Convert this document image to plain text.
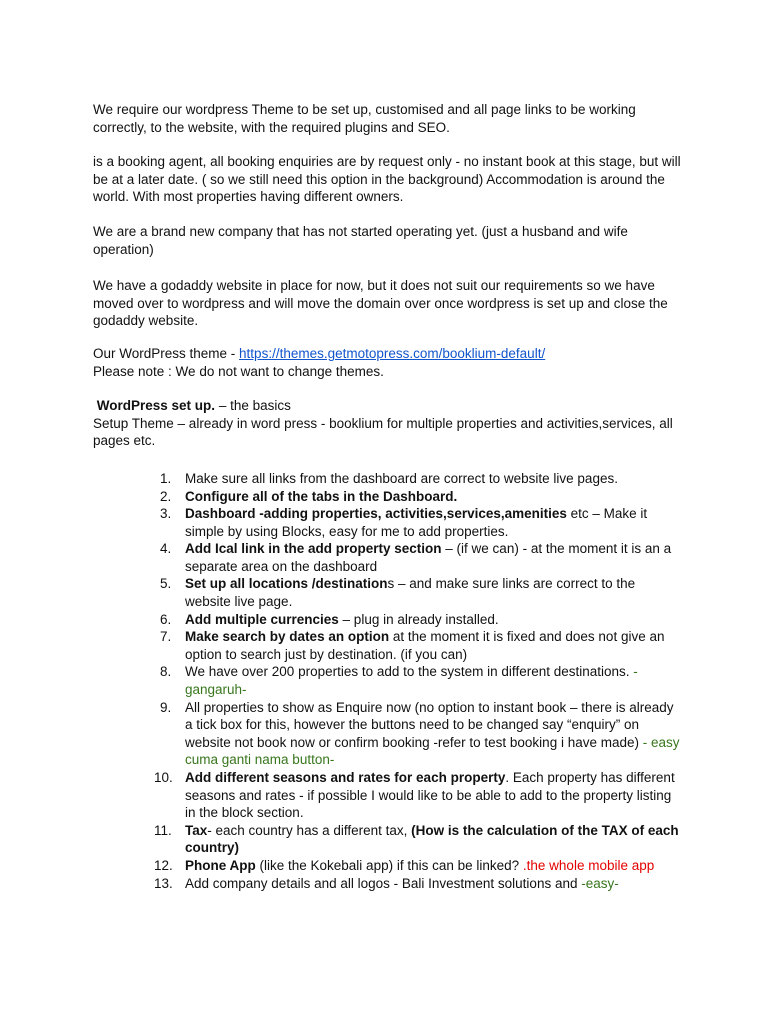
We require our wordpress Theme to be set up, customised and all page links to be working correctly, to the website, with the required plugins and SEO.

is a booking agent, all booking enquiries are by request only - no instant book at this stage, but will be at a later date. ( so we still need this option in the background) Accommodation is around the world. With most properties having different owners.

We are a brand new company that has not started operating yet. (just a husband and wife operation)

We have a godaddy website in place for now, but it does not suit our requirements so we have moved over to wordpress and will move the domain over once wordpress is set up and close the godaddy website.

Our WordPress theme - https://themes.getmotopress.com/booklium-default/

Please note : We do not want to change themes.

WordPress set up. – the basics

Setup Theme – already in word press - booklium for multiple properties and activities,services, all pages etc.

1.	Make sure all links from the dashboard are correct to website live pages.
2.	Configure all of the tabs in the Dashboard.
3.	Dashboard -adding properties, activities,services,amenities etc – Make it simple by using Blocks, easy for me to add properties.
4.	Add Ical link in the add property section – (if we can) - at the moment it is an a separate area on the dashboard
5.	Set up all locations /destinations – and make sure links are correct to the website live page.
6.	Add multiple currencies – plug in already installed.
7.	Make search by dates an option at the moment it is fixed and does not give an option to search just by destination. (if you can)
8.	We have over 200 properties to add to the system in different destinations. -gangaruh-
9.	All properties to show as Enquire now (no option to instant book – there is already a tick box for this, however the buttons need to be changed say “enquiry” on website not book now or confirm booking -refer to test booking i have made) - easy cuma ganti nama button-
10. Add different seasons and rates for each property. Each property has different seasons and rates - if possible I would like to be able to add to the property listing in the block section.
11. Tax- each country has a different tax, (How is the calculation of the TAX of each country)
12. Phone App (like the Kokebali app) if this can be linked? .the whole mobile app
13. Add company details and all logos - Bali Investment solutions and -easy-
